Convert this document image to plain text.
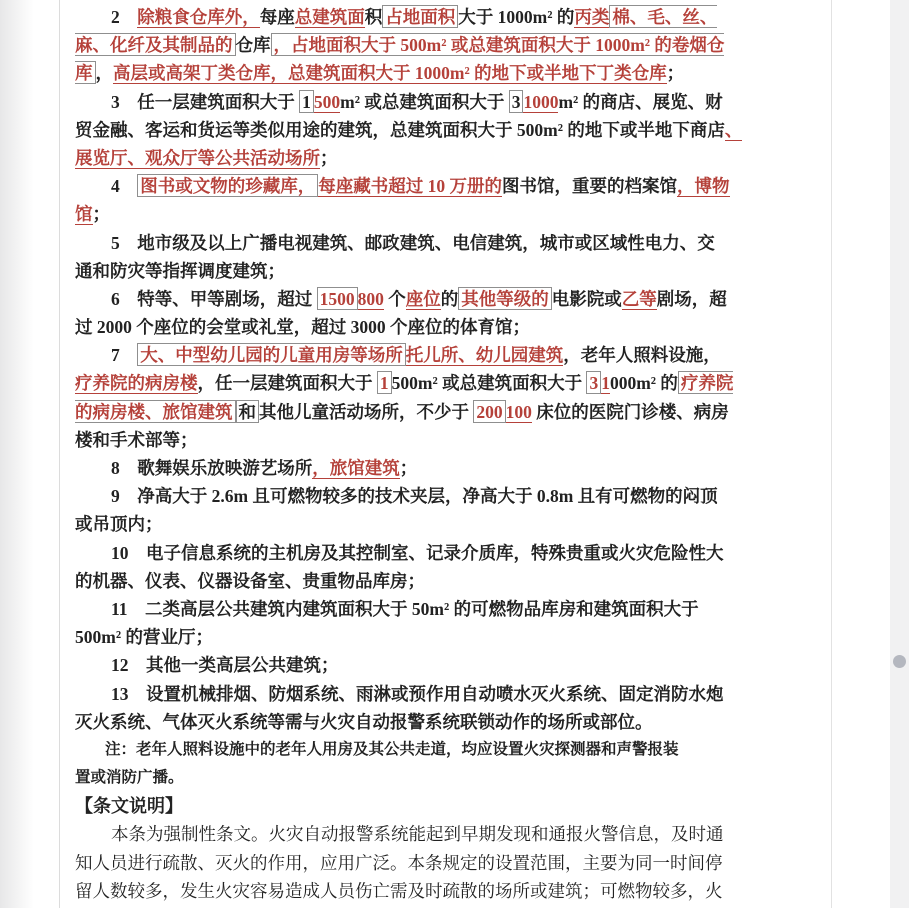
2　除粮食仓库外，每座总建筑面积 占地面积 大于 1000m² 的丙类 棉、毛、丝、
麻、化纤及其制品的 仓库 ，占地面积大于 500m² 或总建筑面积大于 1000m² 的卷烟仓
库 ，高层或高架丁类仓库，总建筑面积大于 1000m² 的地下或半地下丁类仓库；
3　任一层建筑面积大于 1 500m² 或总建筑面积大于 3 1000m² 的商店、展览、财
贸金融、客运和货运等类似用途的建筑，总建筑面积大于 500m² 的地下或半地下商店、
展览厅、观众厅等公共活动场所；
4　图书或文物的珍藏库， 每座藏书超过 10 万册的图书馆，重要的档案馆，博物
馆；
5　地市级及以上广播电视建筑、邮政建筑、电信建筑，城市或区域性电力、交
通和防灾等指挥调度建筑；
6　特等、甲等剧场，超过 1500 800 个座位的 其他等级的 电影院或乙等剧场，超
过 2000 个座位的会堂或礼堂，超过 3000 个座位的体育馆；
7　大、中型幼儿园的儿童用房等场所 托儿所、幼儿园建筑，老年人照料设施，
疗养院的病房楼，任一层建筑面积大于 1 500m² 或总建筑面积大于 3 1000m² 的 疗养院
的病房楼、旅馆建筑 和 其他儿童活动场所，不少于 200 100 床位的医院门诊楼、病房
楼和手术部等；
8　歌舞娱乐放映游艺场所，旅馆建筑；
9　净高大于 2.6m 且可燃物较多的技术夹层，净高大于 0.8m 且有可燃物的闷顶
或吊顶内；
10　电子信息系统的主机房及其控制室、记录介质库，特殊贵重或火灾危险性大
的机器、仪表、仪器设备室、贵重物品库房；
11　二类高层公共建筑内建筑面积大于 50m² 的可燃物品库房和建筑面积大于
500m² 的营业厅；
12　其他一类高层公共建筑；
13　设置机械排烟、防烟系统、雨淋或预作用自动喷水灭火系统、固定消防水炮
灭火系统、气体灭火系统等需与火灾自动报警系统联锁动作的场所或部位。
注：老年人照料设施中的老年人用房及其公共走道，均应设置火灾探测器和声警报装
置或消防广播。
【条文说明】
本条为强制性条文。火灾自动报警系统能起到早期发现和通报火警信息，及时通
知人员进行疏散、灭火的作用，应用广泛。本条规定的设置范围，主要为同一时间停
留人数较多，发生火灾容易造成人员伤亡需及时疏散的场所或建筑；可燃物较多，火
